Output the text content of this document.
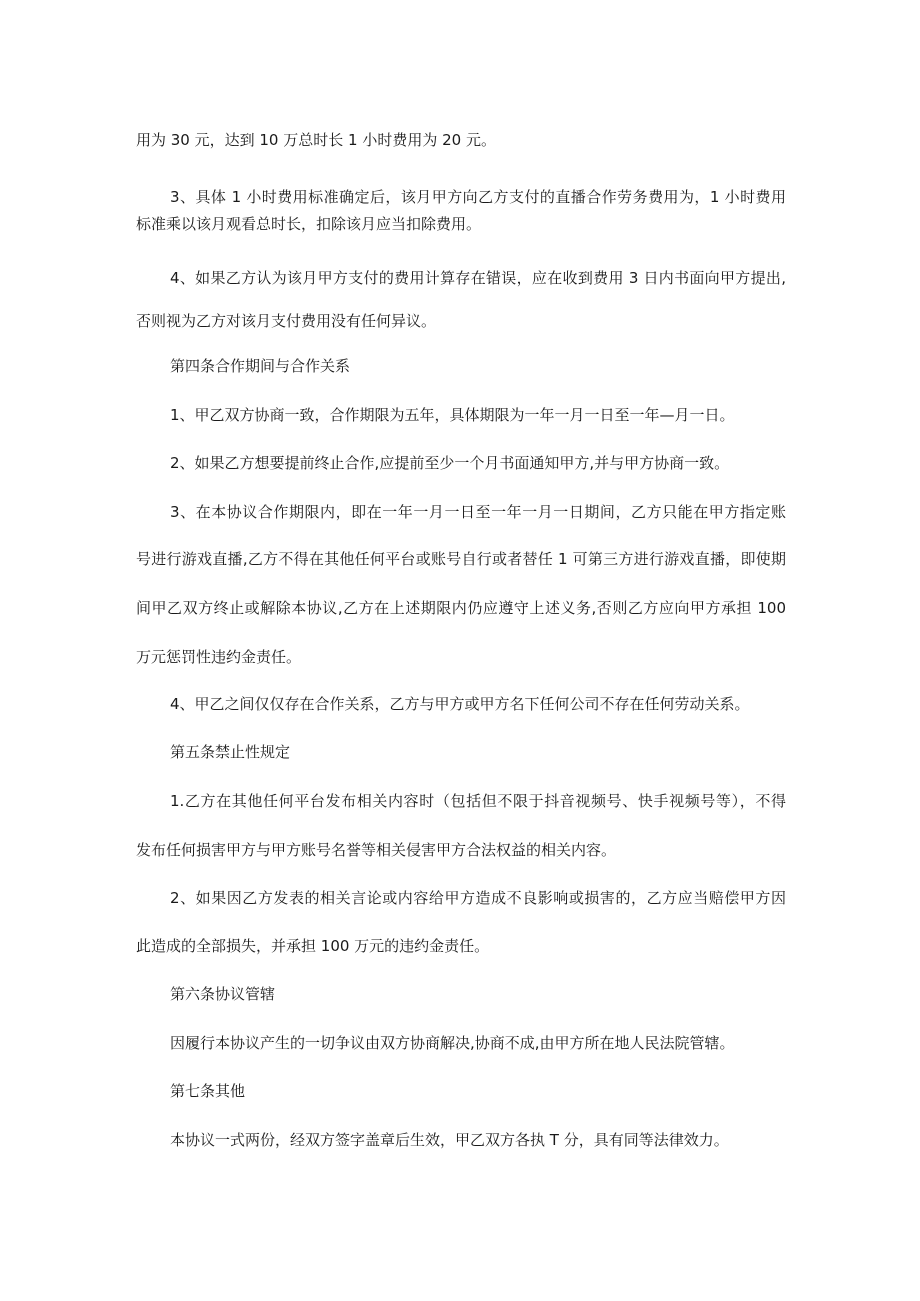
用为 30 元，达到 10 万总时长 1 小时费用为 20 元。
3、具体 1 小时费用标准确定后，该月甲方向乙方支付的直播合作劳务费用为，1 小时费用
标准乘以该月观看总时长，扣除该月应当扣除费用。
4、如果乙方认为该月甲方支付的费用计算存在错误，应在收到费用 3 日内书面向甲方提出,
否则视为乙方对该月支付费用没有任何异议。
第四条合作期间与合作关系
1、甲乙双方协商一致，合作期限为五年，具体期限为一年一月一日至一年—月一日。
2、如果乙方想要提前终止合作,应提前至少一个月书面通知甲方,并与甲方协商一致。
3、在本协议合作期限内，即在一年一月一日至一年一月一日期间，乙方只能在甲方指定账
号进行游戏直播,乙方不得在其他任何平台或账号自行或者替任 1 可第三方进行游戏直播，即使期
间甲乙双方终止或解除本协议,乙方在上述期限内仍应遵守上述义务,否则乙方应向甲方承担 100
万元惩罚性违约金责任。
4、甲乙之间仅仅存在合作关系，乙方与甲方或甲方名下任何公司不存在任何劳动关系。
第五条禁止性规定
1.乙方在其他任何平台发布相关内容时（包括但不限于抖音视频号、快手视频号等），不得
发布任何损害甲方与甲方账号名誉等相关侵害甲方合法权益的相关内容。
2、如果因乙方发表的相关言论或内容给甲方造成不良影响或损害的，乙方应当赔偿甲方因
此造成的全部损失，并承担 100 万元的违约金责任。
第六条协议管辖
因履行本协议产生的一切争议由双方协商解决,协商不成,由甲方所在地人民法院管辖。
第七条其他
本协议一式两份，经双方签字盖章后生效，甲乙双方各执 T 分，具有同等法律效力。
